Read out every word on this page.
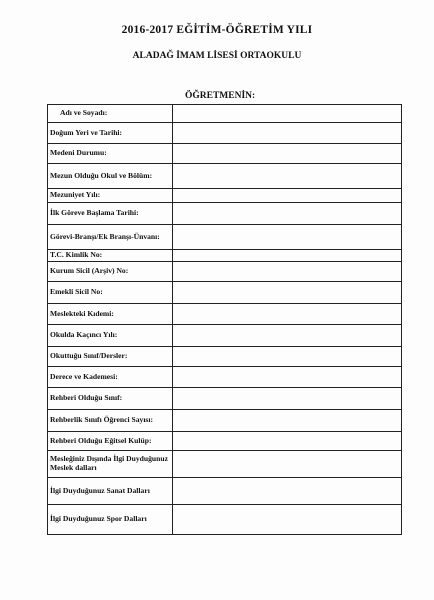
2016-2017 EĞİTİM-ÖĞRETİM YILI
ALADAĞ İMAM LİSESİ ORTAOKULU
ÖĞRETMENİN:
Adı ve Soyadı:	

Doğum Yeri ve Tarihi:	

Medeni Durumu:	

Mezun Olduğu Okul ve Bölüm:	

Mezuniyet Yılı:	

İlk Göreve Başlama Tarihi:	

Görevi-Branşı/Ek Branşı-Ünvanı:	

T.C. Kimlik No:	

Kurum Sicil (Arşiv) No:	

Emekli Sicil No:	

Meslekteki Kıdemi:	

Okulda Kaçıncı Yılı:	

Okuttuğu Sınıf/Dersler:	

Derece ve Kademesi:	

Rehberi Olduğu Sınıf:	

Rehberlik Sınıfı Öğrenci Sayısı:	

Rehberi Olduğu Eğitsel Kulüp:	

Mesleğiniz Dışında İlgi Duyduğunuz Meslek dalları	

İlgi Duyduğunuz Sanat Dalları	

İlgi Duyduğunuz Spor Dalları	
